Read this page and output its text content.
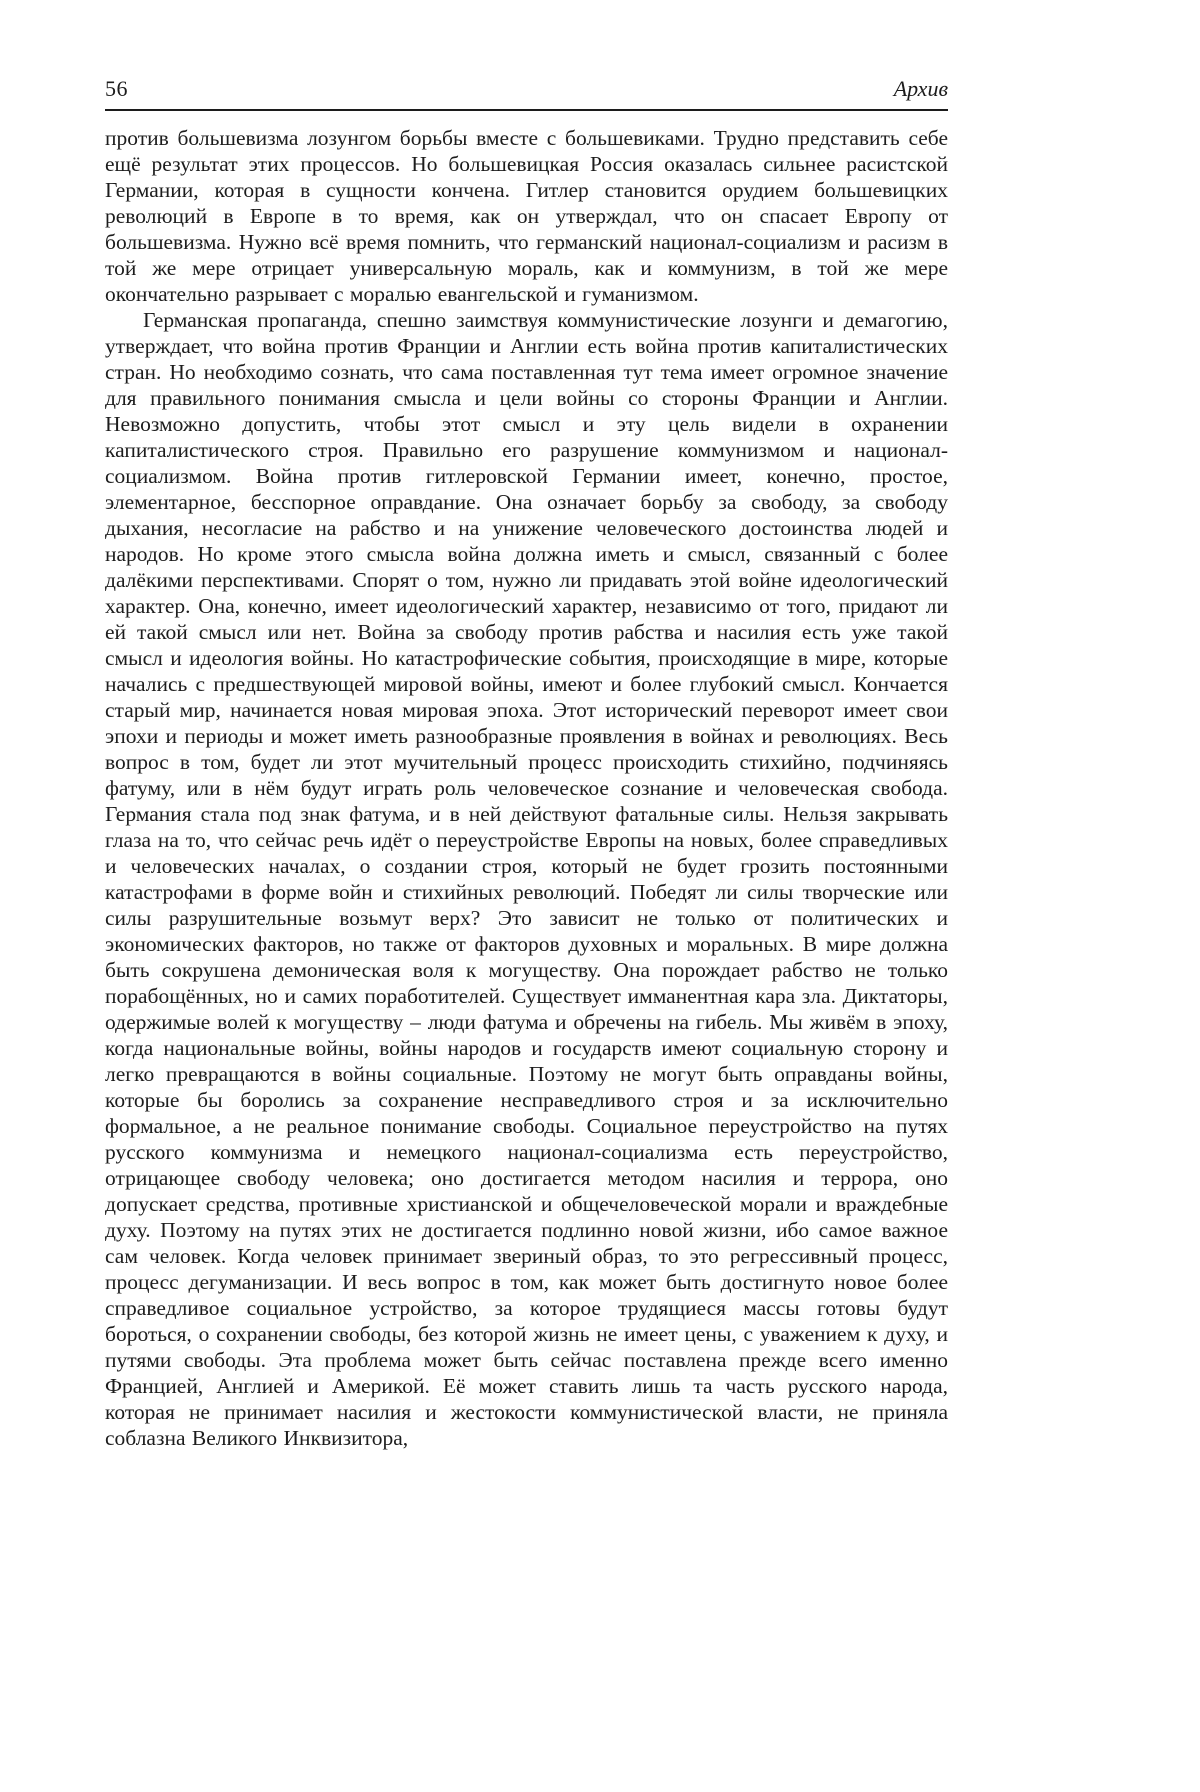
56	Архив

против большевизма лозунгом борьбы вместе с большевиками. Трудно представить себе ещё результат этих процессов. Но большевицкая Россия оказалась сильнее расистской Германии, которая в сущности кончена. Гитлер становится орудием большевицких революций в Европе в то время, как он утверждал, что он спасает Европу от большевизма. Нужно всё время помнить, что германский национал-социализм и расизм в той же мере отрицает универсальную мораль, как и коммунизм, в той же мере окончательно разрывает с моралью евангельской и гуманизмом.

Германская пропаганда, спешно заимствуя коммунистические лозунги и демагогию, утверждает, что война против Франции и Англии есть война против капиталистических стран. Но необходимо сознать, что сама поставленная тут тема имеет огромное значение для правильного понимания смысла и цели войны со стороны Франции и Англии. Невозможно допустить, чтобы этот смысл и эту цель видели в охранении капиталистического строя. Правильно его разрушение коммунизмом и национал-социализмом. Война против гитлеровской Германии имеет, конечно, простое, элементарное, бесспорное оправдание. Она означает борьбу за свободу, за свободу дыхания, несогласие на рабство и на унижение человеческого достоинства людей и народов. Но кроме этого смысла война должна иметь и смысл, связанный с более далёкими перспективами. Спорят о том, нужно ли придавать этой войне идеологический характер. Она, конечно, имеет идеологический характер, независимо от того, придают ли ей такой смысл или нет. Война за свободу против рабства и насилия есть уже такой смысл и идеология войны. Но катастрофические события, происходящие в мире, которые начались с предшествующей мировой войны, имеют и более глубокий смысл. Кончается старый мир, начинается новая мировая эпоха. Этот исторический переворот имеет свои эпохи и периоды и может иметь разнообразные проявления в войнах и революциях. Весь вопрос в том, будет ли этот мучительный процесс происходить стихийно, подчиняясь фатуму, или в нём будут играть роль человеческое сознание и человеческая свобода. Германия стала под знак фатума, и в ней действуют фатальные силы. Нельзя закрывать глаза на то, что сейчас речь идёт о переустройстве Европы на новых, более справедливых и человеческих началах, о создании строя, который не будет грозить постоянными катастрофами в форме войн и стихийных революций. Победят ли силы творческие или силы разрушительные возьмут верх? Это зависит не только от политических и экономических факторов, но также от факторов духовных и моральных. В мире должна быть сокрушена демоническая воля к могуществу. Она порождает рабство не только порабощённых, но и самих поработителей. Существует имманентная кара зла. Диктаторы, одержимые волей к могуществу – люди фатума и обречены на гибель. Мы живём в эпоху, когда национальные войны, войны народов и государств имеют социальную сторону и легко превращаются в войны социальные. Поэтому не могут быть оправданы войны, которые бы боролись за сохранение несправедливого строя и за исключительно формальное, а не реальное понимание свободы. Социальное переустройство на путях русского коммунизма и немецкого национал-социализма есть переустройство, отрицающее свободу человека; оно достигается методом насилия и террора, оно допускает средства, противные христианской и общечеловеческой морали и враждебные духу. Поэтому на путях этих не достигается подлинно новой жизни, ибо самое важное сам человек. Когда человек принимает звериный образ, то это регрессивный процесс, процесс дегуманизации. И весь вопрос в том, как может быть достигнуто новое более справедливое социальное устройство, за которое трудящиеся массы готовы будут бороться, о сохранении свободы, без которой жизнь не имеет цены, с уважением к духу, и путями свободы. Эта проблема может быть сейчас поставлена прежде всего именно Францией, Англией и Америкой. Её может ставить лишь та часть русского народа, которая не принимает насилия и жестокости коммунистической власти, не приняла соблазна Великого Инквизитора,
